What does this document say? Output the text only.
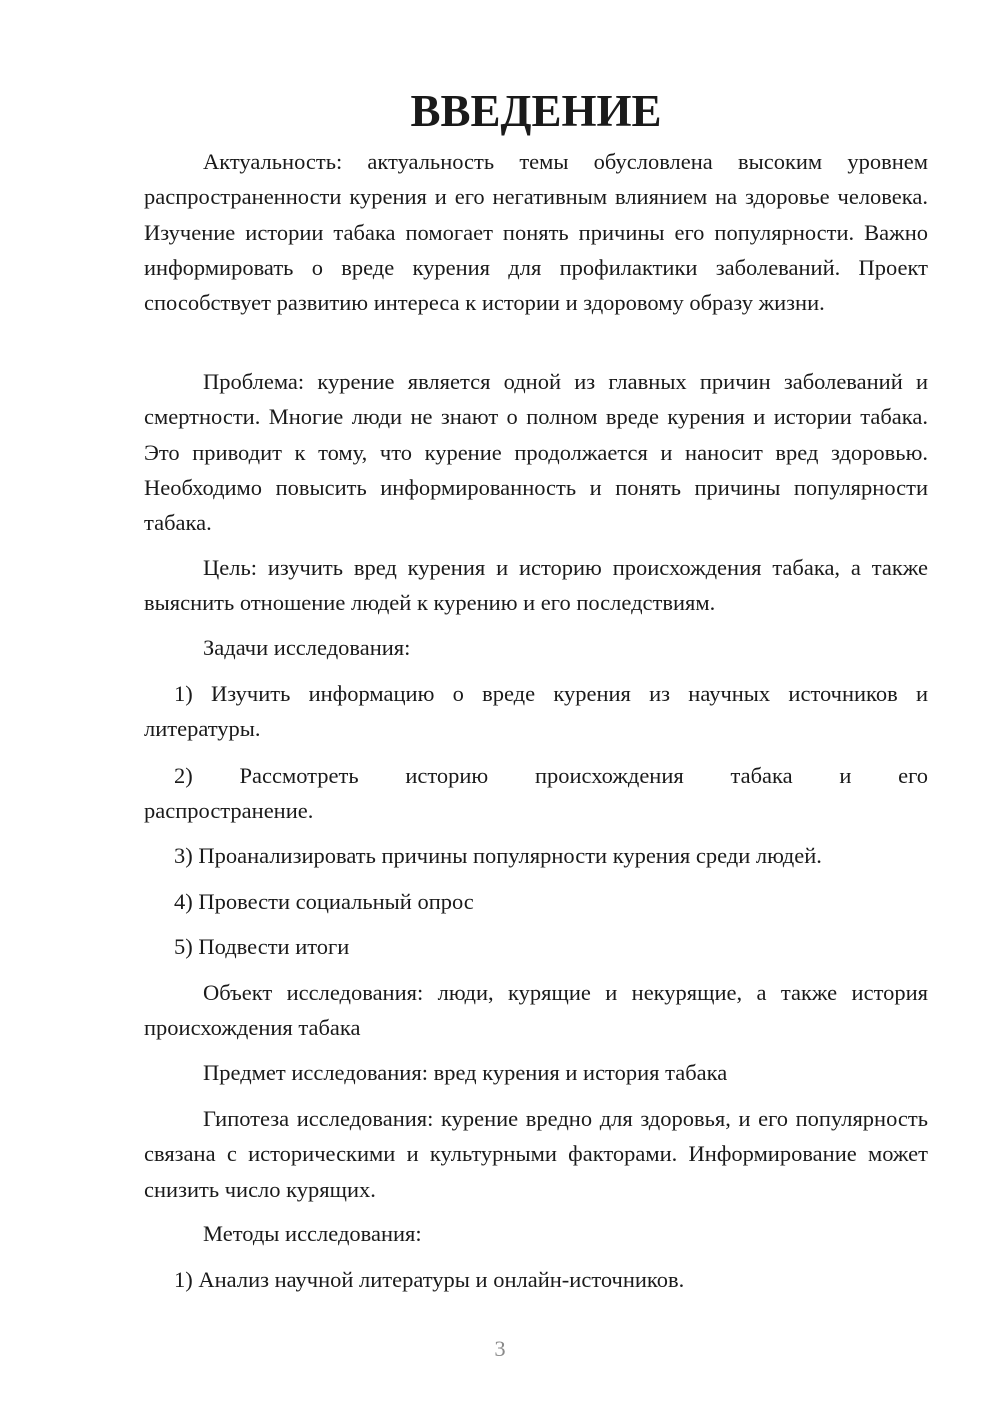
ВВЕДЕНИЕ

Актуальность: актуальность темы обусловлена высоким уровнем распространенности курения и его негативным влиянием на здоровье человека. Изучение истории табака помогает понять причины его популярности. Важно информировать о вреде курения для профилактики заболеваний. Проект способствует развитию интереса к истории и здоровому образу жизни.

Проблема: курение является одной из главных причин заболеваний и смертности. Многие люди не знают о полном вреде курения и истории табака. Это приводит к тому, что курение продолжается и наносит вред здоровью. Необходимо повысить информированность и понять причины популярности табака.

Цель: изучить вред курения и историю происхождения табака, а также выяснить отношение людей к курению и его последствиям.

Задачи исследования:

1) Изучить информацию о вреде курения из научных источников и литературы.

2) Рассмотреть историю происхождения табака и его
распространение.

3) Проанализировать причины популярности курения среди людей.

4) Провести социальный опрос

5) Подвести итоги

Объект исследования: люди, курящие и некурящие, а также история происхождения табака

Предмет исследования: вред курения и история табака

Гипотеза исследования: курение вредно для здоровья, и его популярность связана с историческими и культурными факторами. Информирование может снизить число курящих.

Методы исследования:

1) Анализ научной литературы и онлайн-источников.

3
